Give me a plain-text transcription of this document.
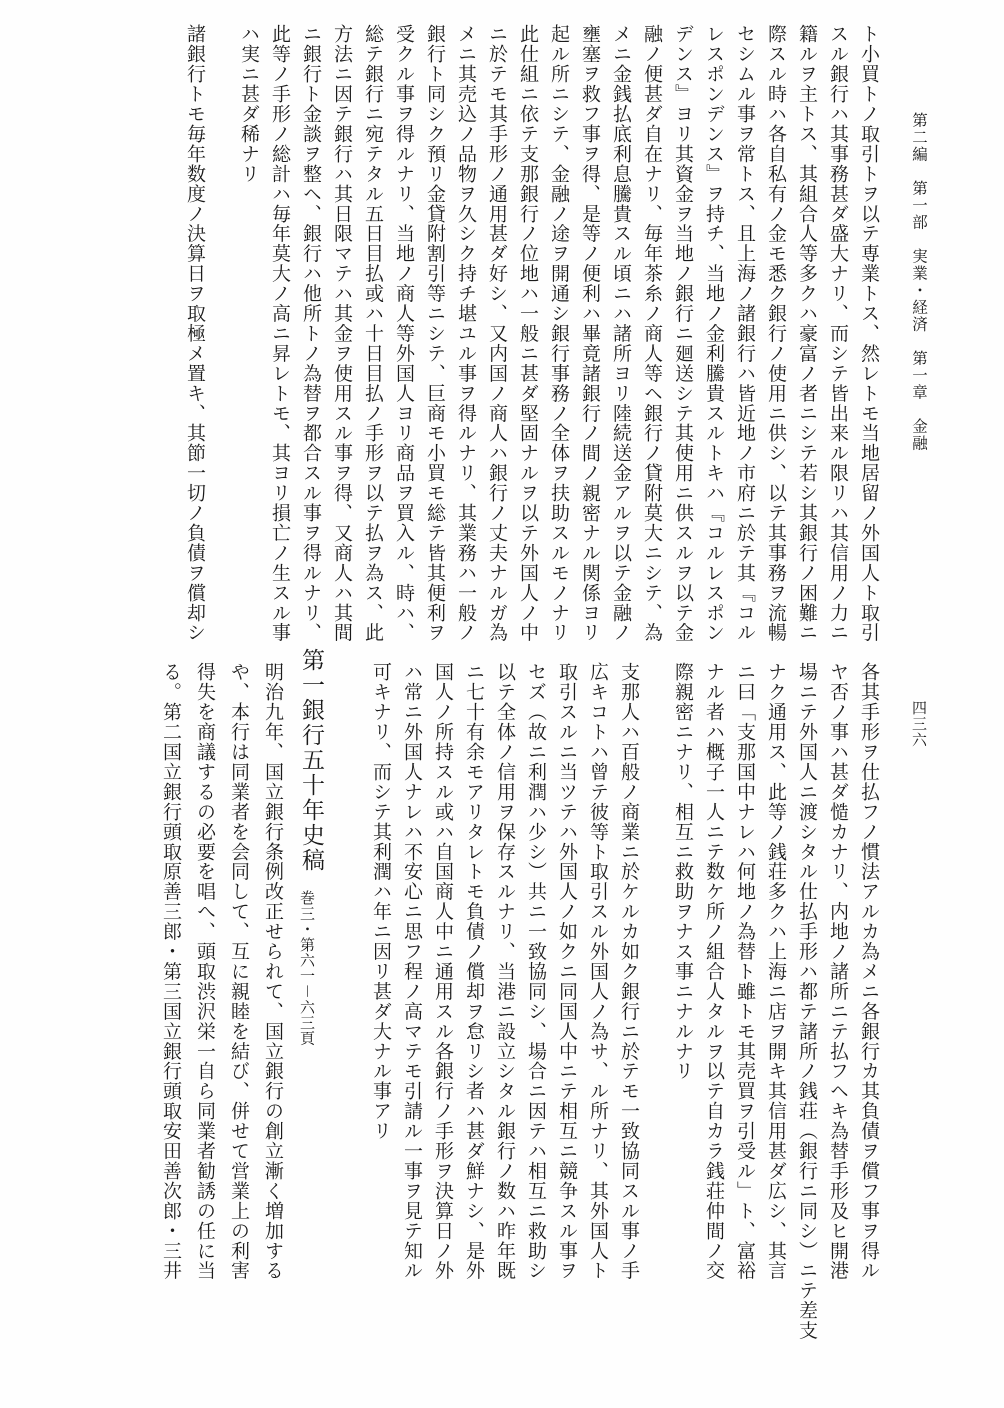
第二編　第一部　実業・経済　第一章　金融
四三六
ト小買トノ取引トヲ以テ専業トス、然レトモ当地居留ノ外国人ト取引
スル銀行ハ其事務甚ダ盛大ナリ、而シテ皆出来ル限リハ其信用ノ力ニ
籍ルヲ主トス、其組合人等多クハ豪富ノ者ニシテ若シ其銀行ノ困難ニ
際スル時ハ各自私有ノ金モ悉ク銀行ノ使用ニ供シ、以テ其事務ヲ流暢
セシムル事ヲ常トス、且上海ノ諸銀行ハ皆近地ノ市府ニ於テ其『コル
レスポンデンス』ヲ持チ、当地ノ金利騰貴スルトキハ『コルレスポン
デンス』ヨリ其資金ヲ当地ノ銀行ニ廻送シテ其使用ニ供スルヲ以テ金
融ノ便甚ダ自在ナリ、毎年茶糸ノ商人等ヘ銀行ノ貸附莫大ニシテ、為
メニ金銭払底利息騰貴スル頃ニハ諸所ヨリ陸続送金アルヲ以テ金融ノ
壅塞ヲ救フ事ヲ得、是等ノ便利ハ畢竟諸銀行ノ間ノ親密ナル関係ヨリ
起ル所ニシテ、金融ノ途ヲ開通シ銀行事務ノ全体ヲ扶助スルモノナリ
此仕組ニ依テ支那銀行ノ位地ハ一般ニ甚ダ堅固ナルヲ以テ外国人ノ中
ニ於テモ其手形ノ通用甚ダ好シ、又内国ノ商人ハ銀行ノ丈夫ナルガ為
メニ其売込ノ品物ヲ久シク持チ堪ユル事ヲ得ルナリ、其業務ハ一般ノ
銀行ト同シク預リ金貸附割引等ニシテ、巨商モ小買モ総テ皆其便利ヲ
受クル事ヲ得ルナリ、当地ノ商人等外国人ヨリ商品ヲ買入ル、時ハ、
総テ銀行ニ宛テタル五日目払或ハ十日目払ノ手形ヲ以テ払ヲ為ス、此
方法ニ因テ銀行ハ其日限マテハ其金ヲ使用スル事ヲ得、又商人ハ其間
ニ銀行ト金談ヲ整ヘ、銀行ハ他所トノ為替ヲ都合スル事ヲ得ルナリ、
此等ノ手形ノ総計ハ毎年莫大ノ高ニ昇レトモ、其ヨリ損亡ノ生スル事
ハ実ニ甚ダ稀ナリ
諸銀行トモ毎年数度ノ決算日ヲ取極メ置キ、其節一切ノ負債ヲ償却シ
各其手形ヲ仕払フノ慣法アルカ為メニ各銀行カ其負債ヲ償フ事ヲ得ル
ヤ否ノ事ハ甚ダ慥カナリ、内地ノ諸所ニテ払フヘキ為替手形及ヒ開港
場ニテ外国人ニ渡シタル仕払手形ハ都テ諸所ノ銭荘（銀行ニ同シ）ニテ差支
ナク通用ス、此等ノ銭荘多クハ上海ニ店ヲ開キ其信用甚ダ広シ、其言
ニ曰「支那国中ナレハ何地ノ為替ト雖トモ其売買ヲ引受ル」ト、富裕
ナル者ハ概子一人ニテ数ケ所ノ組合人タルヲ以テ自カラ銭荘仲間ノ交
際親密ニナリ、相互ニ救助ヲナス事ニナルナリ
支那人ハ百般ノ商業ニ於ケルカ如ク銀行ニ於テモ一致協同スル事ノ手
広キコトハ曾テ彼等ト取引スル外国人ノ為サ、ル所ナリ、其外国人ト
取引スルニ当ツテハ外国人ノ如クニ同国人中ニテ相互ニ競争スル事ヲ
セズ（故ニ利潤ハ少シ）共ニ一致協同シ、場合ニ因テハ相互ニ救助シ
以テ全体ノ信用ヲ保存スルナリ、当港ニ設立シタル銀行ノ数ハ昨年既
ニ七十有余モアリタレトモ負債ノ償却ヲ怠リシ者ハ甚ダ鮮ナシ、是外
国人ノ所持スル或ハ自国商人中ニ通用スル各銀行ノ手形ヲ決算日ノ外
ハ常ニ外国人ナレハ不安心ニ思フ程ノ高マテモ引請ル一事ヲ見テ知ル
可キナリ、而シテ其利潤ハ年ニ因リ甚ダ大ナル事アリ
第一銀行五十年史稿
巻三・第六一－六三頁
明治九年、国立銀行条例改正せられて、国立銀行の創立漸く増加する
や、本行は同業者を会同して、互に親睦を結び、併せて営業上の利害
得失を商議するの必要を唱へ、頭取渋沢栄一自ら同業者勧誘の任に当
る。第二国立銀行頭取原善三郎・第三国立銀行頭取安田善次郎・三井
